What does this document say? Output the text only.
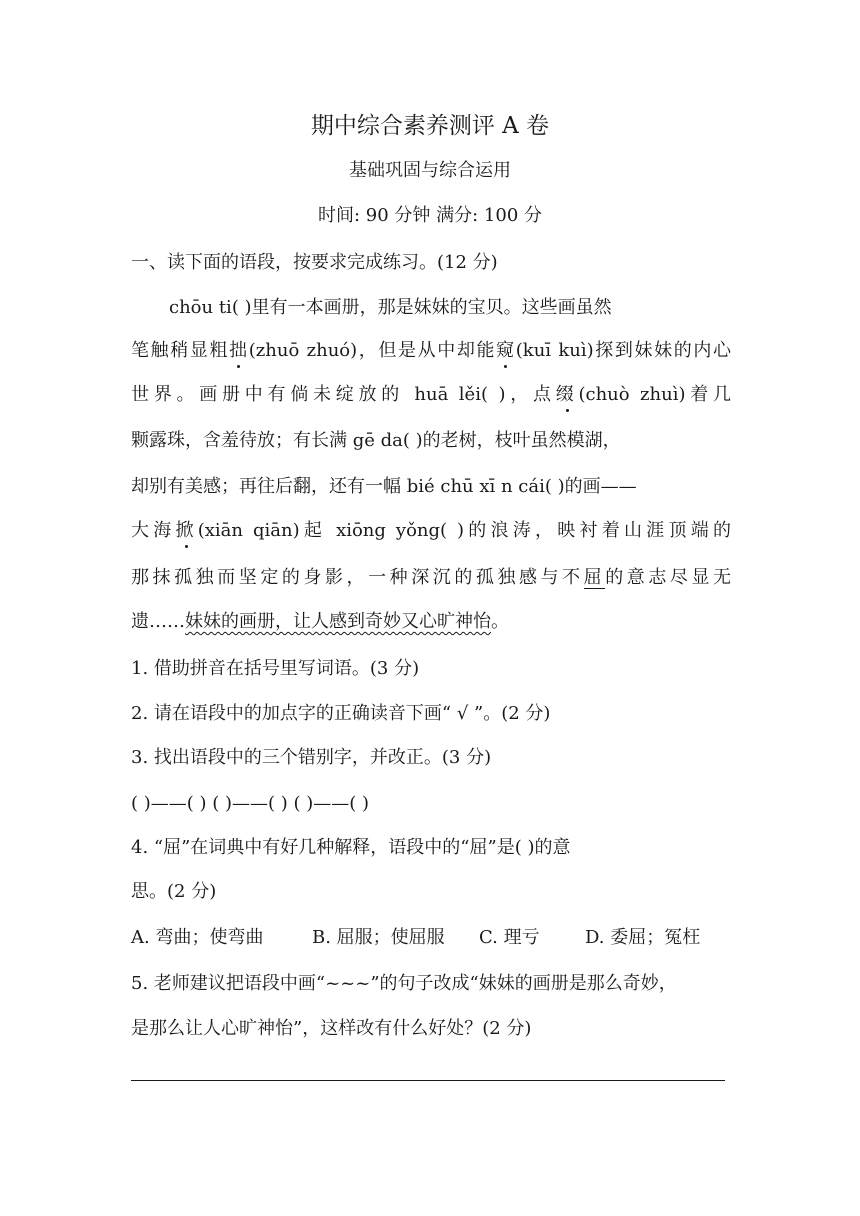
期中综合素养测评 A 卷
基础巩固与综合运用
时间: 90 分钟 满分: 100 分
一、读下面的语段，按要求完成练习。(12 分)
chōu ti( )里有一本画册，那是妹妹的宝贝。这些画虽然
笔触稍显粗拙(zhuō zhuó)，但是从中却能窥(kuī kuì)探到妹妹的内心
世界。画册中有倘未绽放的 huā lěi( )，点缀(chuò zhuì)着几
颗露珠，含羞待放；有长满 gē da( )的老树，枝叶虽然模湖，
却别有美感；再往后翻，还有一幅 bié chū xī n cái( )的画——
大海掀(xiān qiān)起 xiōng yǒng( )的浪涛，映衬着山涯顶端的
那抹孤独而坚定的身影，一种深沉的孤独感与不屈的意志尽显无
遗……妹妹的画册，让人感到奇妙又心旷神怡。
1. 借助拼音在括号里写词语。(3 分)
2. 请在语段中的加点字的正确读音下画“ √ ”。(2 分)
3. 找出语段中的三个错别字，并改正。(3 分)
( )——( ) ( )——( ) ( )——( )
4. “屈”在词典中有好几种解释，语段中的“屈”是( )的意
思。(2 分)
A. 弯曲；使弯曲	B. 屈服；使屈服 C. 理亏	D. 委屈；冤枉
5. 老师建议把语段中画“~~~”的句子改成“妹妹的画册是那么奇妙，
是那么让人心旷神怡”，这样改有什么好处？(2 分)
